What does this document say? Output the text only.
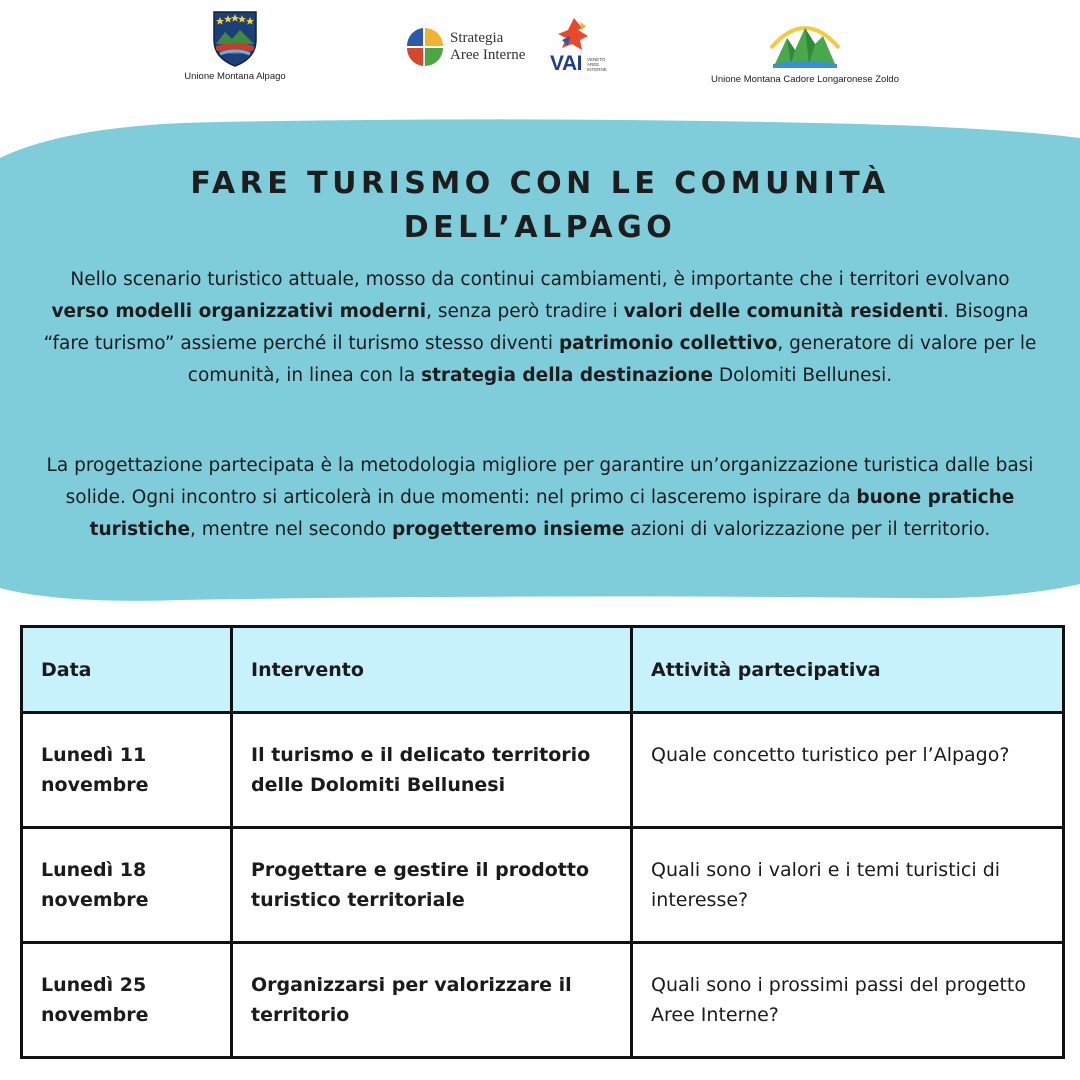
Unione Montana Alpago
Strategia
Aree Interne VAI VENETO AREE INTERNE
Unione Montana Cadore Longaronese Zoldo
FARE TURISMO CON LE COMUNITÀ
DELL’ALPAGO

Nello scenario turistico attuale, mosso da continui cambiamenti, è importante che i territori evolvano verso modelli organizzativi moderni, senza però tradire i valori delle comunità residenti. Bisogna “fare turismo” assieme perché il turismo stesso diventi patrimonio collettivo, generatore di valore per le comunità, in linea con la strategia della destinazione Dolomiti Bellunesi.

La progettazione partecipata è la metodologia migliore per garantire un’organizzazione turistica dalle basi solide. Ogni incontro si articolerà in due momenti: nel primo ci lasceremo ispirare da buone pratiche turistiche, mentre nel secondo progetteremo insieme azioni di valorizzazione per il territorio.

Data	Intervento	Attività partecipativa
Lunedì 11 novembre	Il turismo e il delicato territorio delle Dolomiti Bellunesi	Quale concetto turistico per l’Alpago?
Lunedì 18 novembre	Progettare e gestire il prodotto turistico territoriale	Quali sono i valori e i temi turistici di interesse?
Lunedì 25 novembre	Organizzarsi per valorizzare il territorio	Quali sono i prossimi passi del progetto Aree Interne?
